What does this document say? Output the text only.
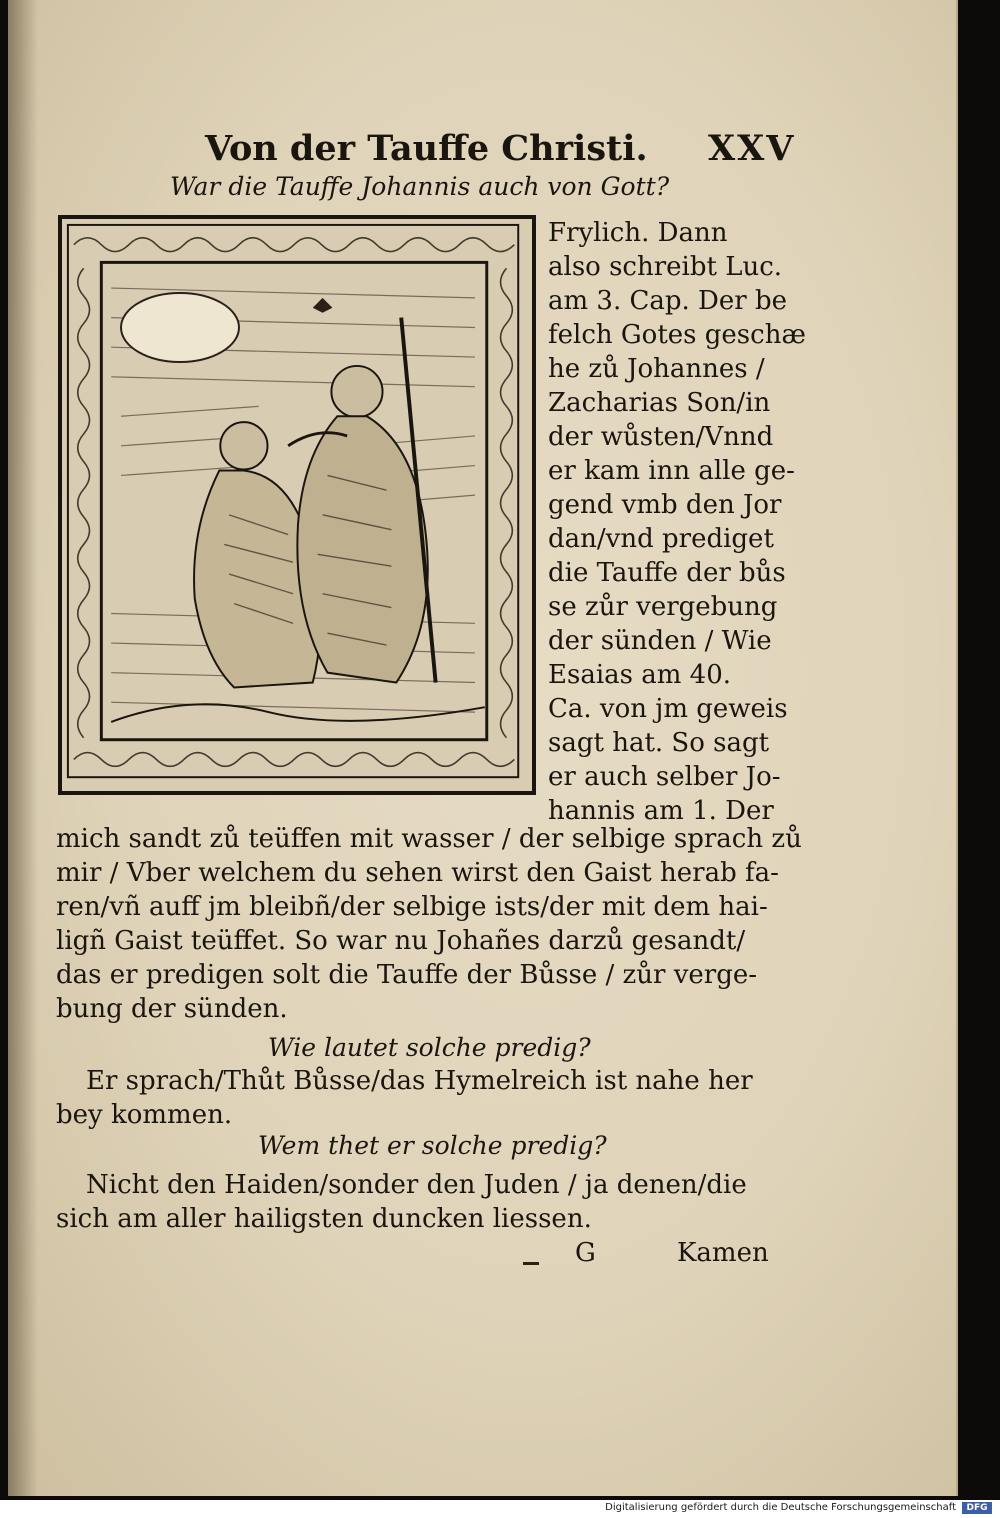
Von der Tauffe Christi. XXV
War die Tauffe Johannis auch von Gott?
Frylich. Dann
also schreibt Luc.
am 3. Cap. Der be
felch Gotes geschæ
he zů Johannes /
Zacharias Son/in
der wůsten/Vnnd
er kam inn alle ge-
gend vmb den Jor
dan/vnd prediget
die Tauffe der bůs
se zůr vergebung
der sünden / Wie
Esaias am 40.
Ca. von jm geweis
sagt hat. So sagt
er auch selber Jo-
hannis am 1. Der
mich sandt zů teüffen mit wasser / der selbige sprach zů
mir / Vber welchem du sehen wirst den Gaist herab fa-
ren/vñ auff jm bleibñ/der selbige ists/der mit dem hai-
ligñ Gaist teüffet. So war nu Johañes darzů gesandt/
das er predigen solt die Tauffe der Bůsse / zůr verge-
bung der sünden.
Wie lautet solche predig?
Er sprach/Thůt Bůsse/das Hymelreich ist nahe her
bey kommen.
Wem thet er solche predig?
Nicht den Haiden/sonder den Juden / ja denen/die
sich am aller hailigsten duncken liessen.
G	Kamen
Digitalisierung gefördert durch die Deutsche Forschungsgemeinschaft	DFG
